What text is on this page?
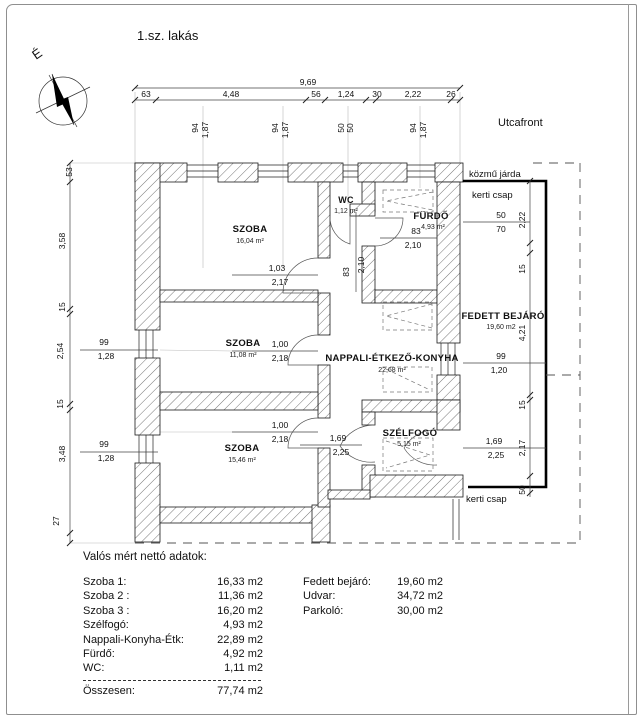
1.sz. lakás
É
9,69
63	4,48	56 1,24 30	2,22	26
94 1,87	94 1,87	50 50	94 1,87
53
3,58
15
2,54
15
3,48
27
99
1,28
99
1,28
50
70
2,22
15
4,21
15
2,17
50
99
1,20
1,69
2,25
1,03
2,17
83 2,10
83
2,10
1,00
2,18
1,00
2,18	1,69
2,25
SZOBA
16,04 m²
WC
1,12 m²	FÜRDŐ
4,93 m²
SZOBA
11,08 m²	NAPPALI-ÉTKEZŐ-KONYHA
22,68 m²
FEDETT BEJÁRÓ
19,60 m2
SZOBA
15,46 m²
SZÉLFOGÓ
5,15 m²
Utcafront
közmű járda
kerti csap
kerti csap
Valós mért nettó adatok:
Szoba 1:	16,33 m2
Szoba 2 :	11,36 m2
Szoba 3 :	16,20 m2
Szélfogó:	4,93 m2
Nappali-Konyha-Étk:	22,89 m2
Fürdő:	4,92 m2
WC:	1,11 m2
Összesen:	77,74 m2
Fedett bejáró: 19,60 m2
Udvar:	34,72 m2
Parkoló:	30,00 m2
